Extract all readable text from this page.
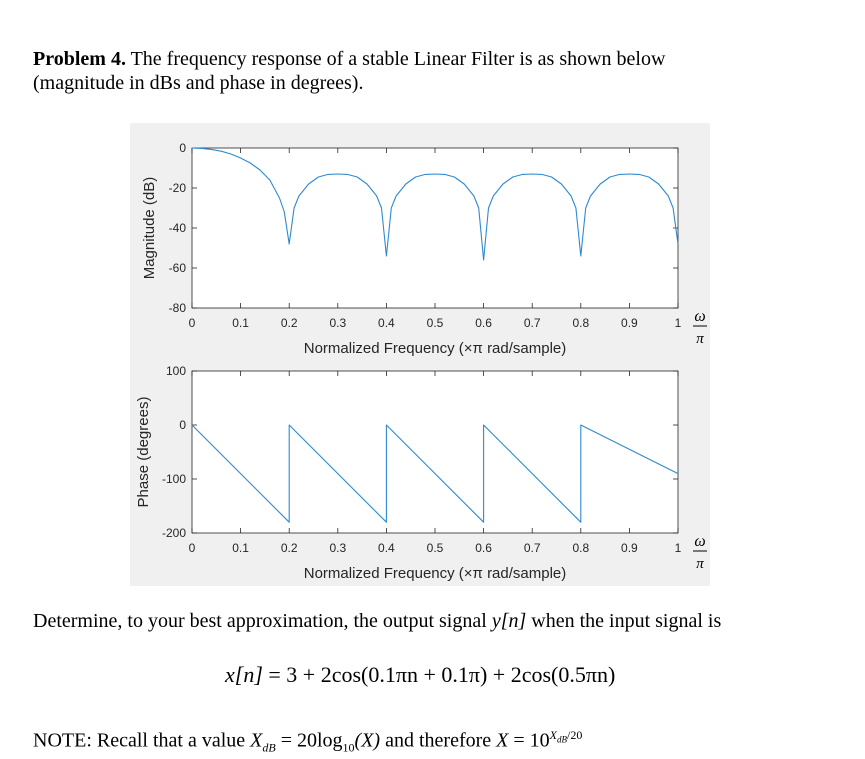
Problem 4. The frequency response of a stable Linear Filter is as shown below
(magnitude in dBs and phase in degrees).
0	0.1	0.2	0.3	0.4	0.5	0.6	0.7	0.8	0.9	1
0
-20
-40
-60
-80
Normalized Frequency (×π rad/sample)
Magnitude (dB)
ω
π
0	0.1	0.2	0.3	0.4	0.5	0.6	0.7	0.8	0.9	1
100
0
-100
-200
Normalized Frequency (×π rad/sample)
Phase (degrees)
ω
π
Determine, to your best approximation, the output signal y[n] when the input signal is
x[n] = 3 + 2cos(0.1πn + 0.1π) + 2cos(0.5πn)
NOTE: Recall that a value $X_{dB} = 20\log_{10}(X)$ and therefore $X = 10^{X_{dB}/20}$
